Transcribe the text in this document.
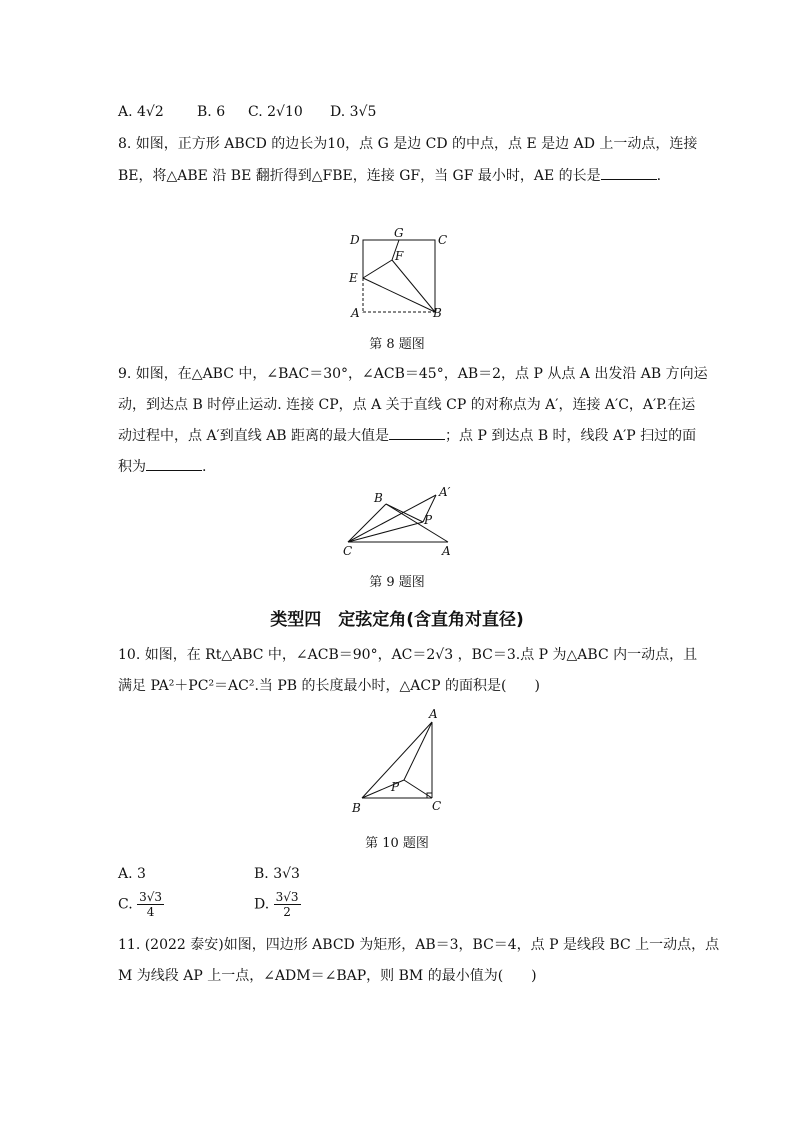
A. 4√2 B. 6 C. 2√10 D. 3√5
8. 如图，正方形 ABCD 的边长为10，点 G 是边 CD 的中点，点 E 是边 AD 上一动点，连接
BE，将△ABE 沿 BE 翻折得到△FBE，连接 GF，当 GF 最小时，AE 的长是	.
D	G	C
F
E
A	B
第 8 题图
9. 如图，在△ABC 中，∠BAC＝30°，∠ACB＝45°，AB＝2，点 P 从点 A 出发沿 AB 方向运
动，到达点 B 时停止运动. 连接 CP，点 A 关于直线 CP 的对称点为 A′，连接 A′C，A′P.在运
动过程中，点 A′到直线 AB 距离的最大值是	；点 P 到达点 B 时，线段 A′P 扫过的面
积为	.
B	A′
P
C	A
第 9 题图
类型四　定弦定角(含直角对直径)
10. 如图，在 Rt△ABC 中，∠ACB＝90°，AC＝2√3 ，BC＝3.点 P 为△ABC 内一动点，且
满足 PA²＋PC²＝AC².当 PB 的长度最小时，△ACP 的面积是(　　)
A
P
B	C
第 10 题图
A. 3	B. 3√3
C. $\frac{3√3}{4}$	D. $\frac{3√3}{2}$
11. (2022 泰安)如图，四边形 ABCD 为矩形，AB＝3，BC＝4，点 P 是线段 BC 上一动点，点
M 为线段 AP 上一点，∠ADM＝∠BAP，则 BM 的最小值为(　　)
